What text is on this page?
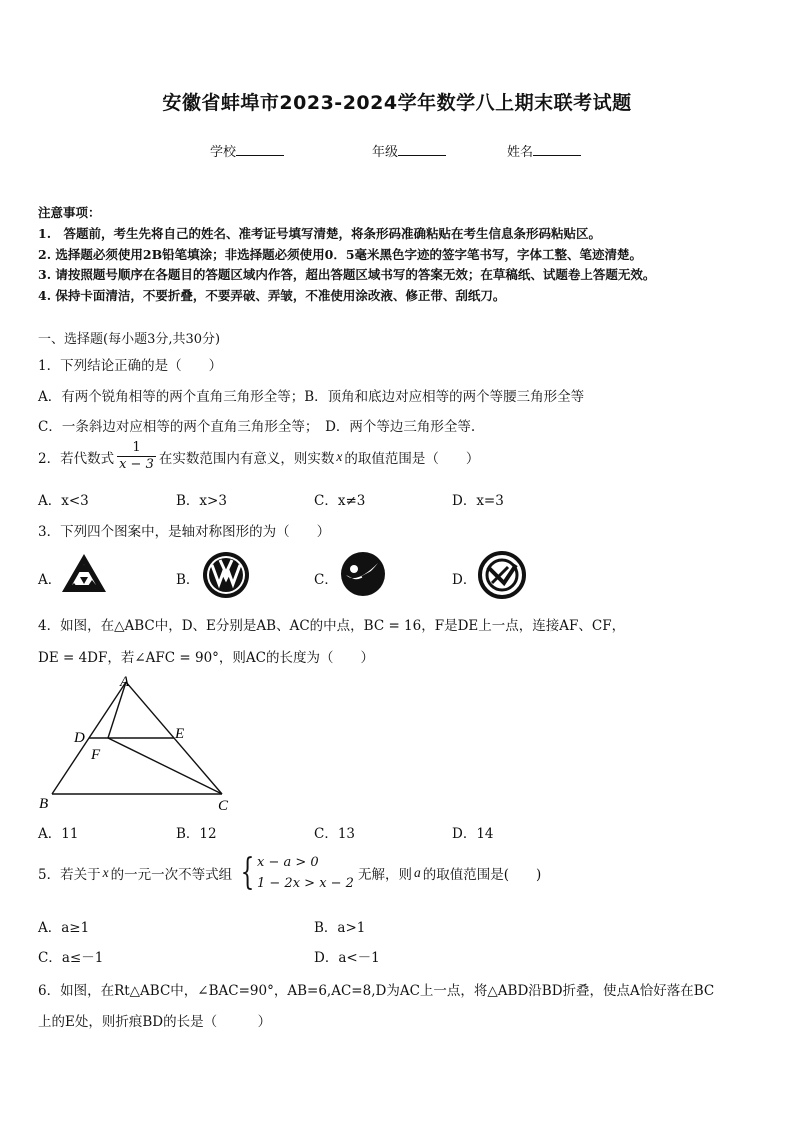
安徽省蚌埠市2023-2024学年数学八上期末联考试题
学校	年级	姓名
注意事项：
1.　答题前，考生先将自己的姓名、准考证号填写清楚，将条形码准确粘贴在考生信息条形码粘贴区。
2. 选择题必须使用2B铅笔填涂；非选择题必须使用0．5毫米黑色字迹的签字笔书写，字体工整、笔迹清楚。
3. 请按照题号顺序在各题目的答题区域内作答，超出答题区域书写的答案无效；在草稿纸、试题卷上答题无效。
4. 保持卡面清洁，不要折叠，不要弄破、弄皱，不准使用涂改液、修正带、刮纸刀。
一、选择题(每小题3分,共30分)
1．下列结论正确的是（　　）
A．有两个锐角相等的两个直角三角形全等；B．顶角和底边对应相等的两个等腰三角形全等
C．一条斜边对应相等的两个直角三角形全等；　D．两个等边三角形全等.
2．若代数式 $\frac{1}{x - 3}$ 在实数范围内有意义，则实数 x 的取值范围是（　　）
A．x<3	B．x>3	C．x≠3	D．x=3
3．下列四个图案中，是轴对称图形的为（　　）
A．	B．	C．	D．
4．如图，在△ABC中，D、E分别是AB、AC的中点，BC = 16，F是DE上一点，连接AF、CF，
DE = 4DF，若∠AFC = 90°，则AC的长度为（　　）
A
B	C
D	E
F
A．11	B．12	C．13	D．14
5．若关于 x 的一元一次不等式组 { x − a > 0
1 − 2x > x − 2
无解，则 a 的取值范围是(　　)
A．a≥1	B．a>1
C．a≤－1	D．a<－1
6．如图，在Rt△ABC中，∠BAC=90°，AB=6,AC=8,D为AC上一点，将△ABD沿BD折叠，使点A恰好落在BC
上的E处，则折痕BD的长是（　　　）
